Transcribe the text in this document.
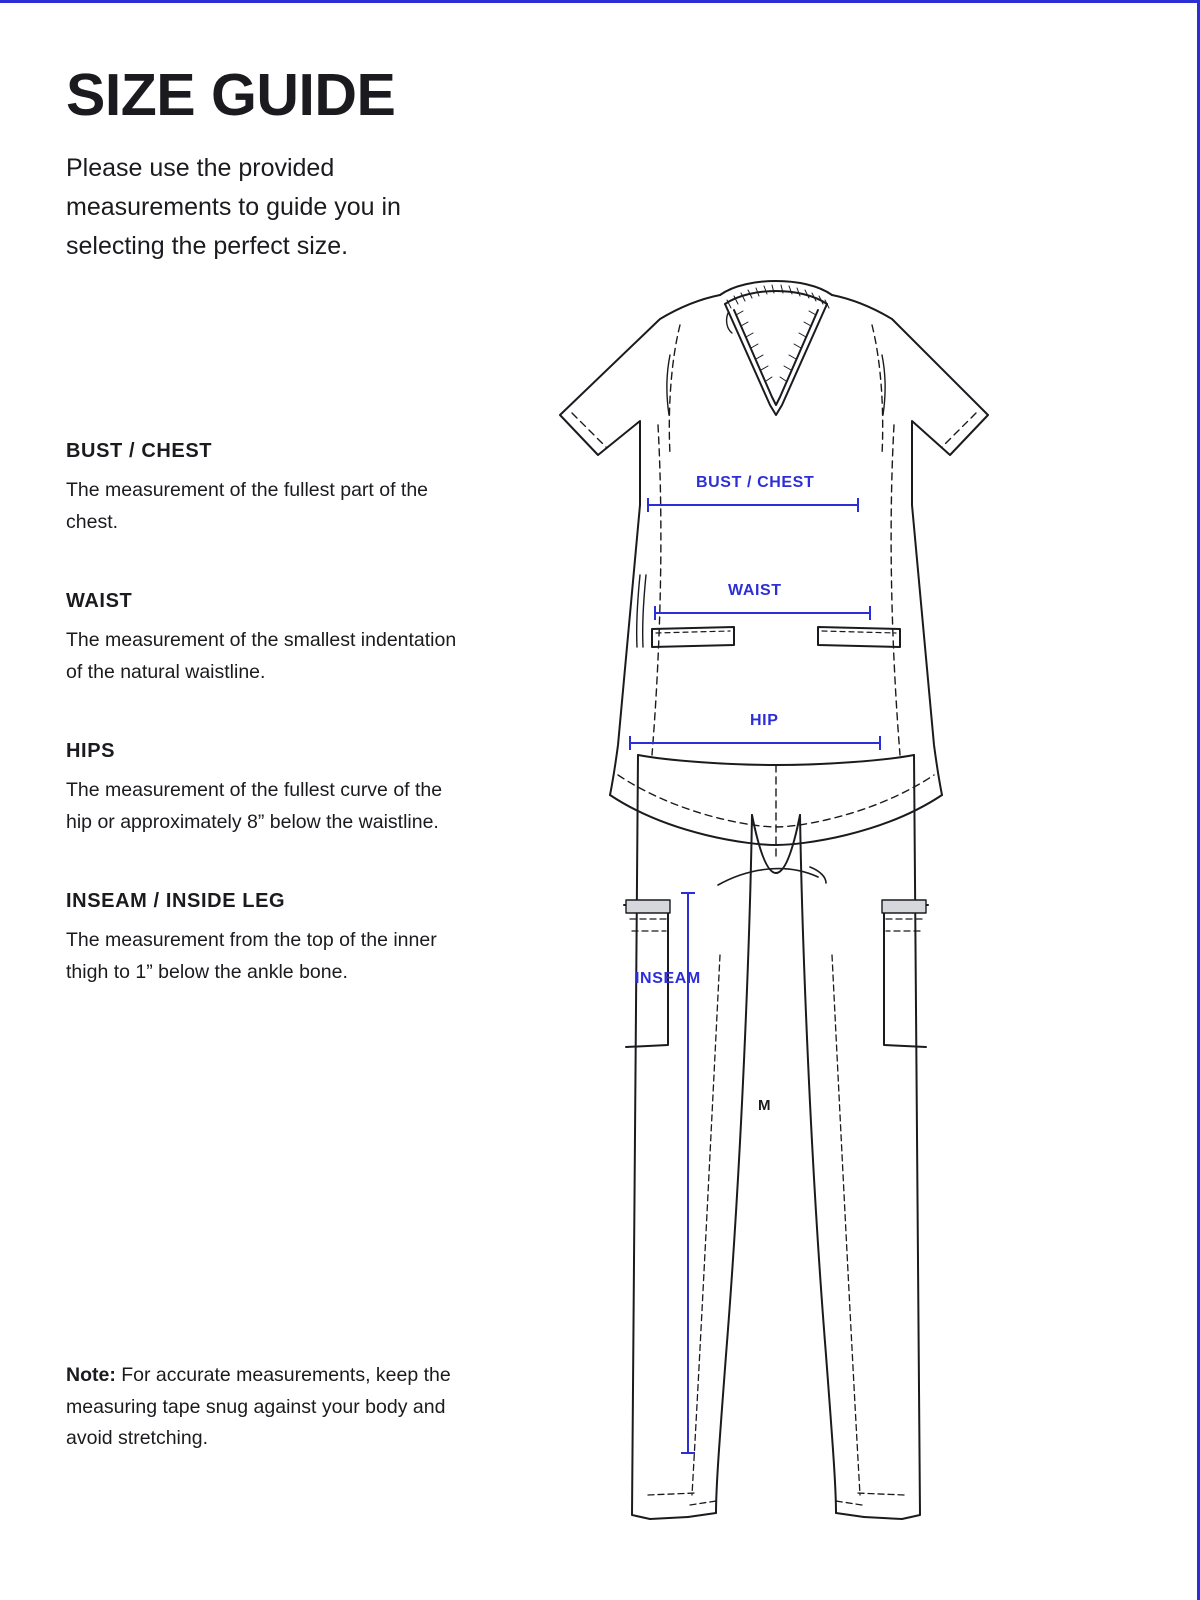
SIZE GUIDE

Please use the provided measurements to guide you in selecting the perfect size.

BUST / CHEST

The measurement of the fullest part of the chest.

WAIST

The measurement of the smallest indentation of the natural waistline.

HIPS

The measurement of the fullest curve of the hip or approximately 8” below the waistline.

INSEAM / INSIDE LEG

The measurement from the top of the inner thigh to 1” below the ankle bone.

Note: For accurate measurements, keep the measuring tape snug against your body and avoid stretching.
BUST / CHEST
WAIST
HIP
INSEAM
M
